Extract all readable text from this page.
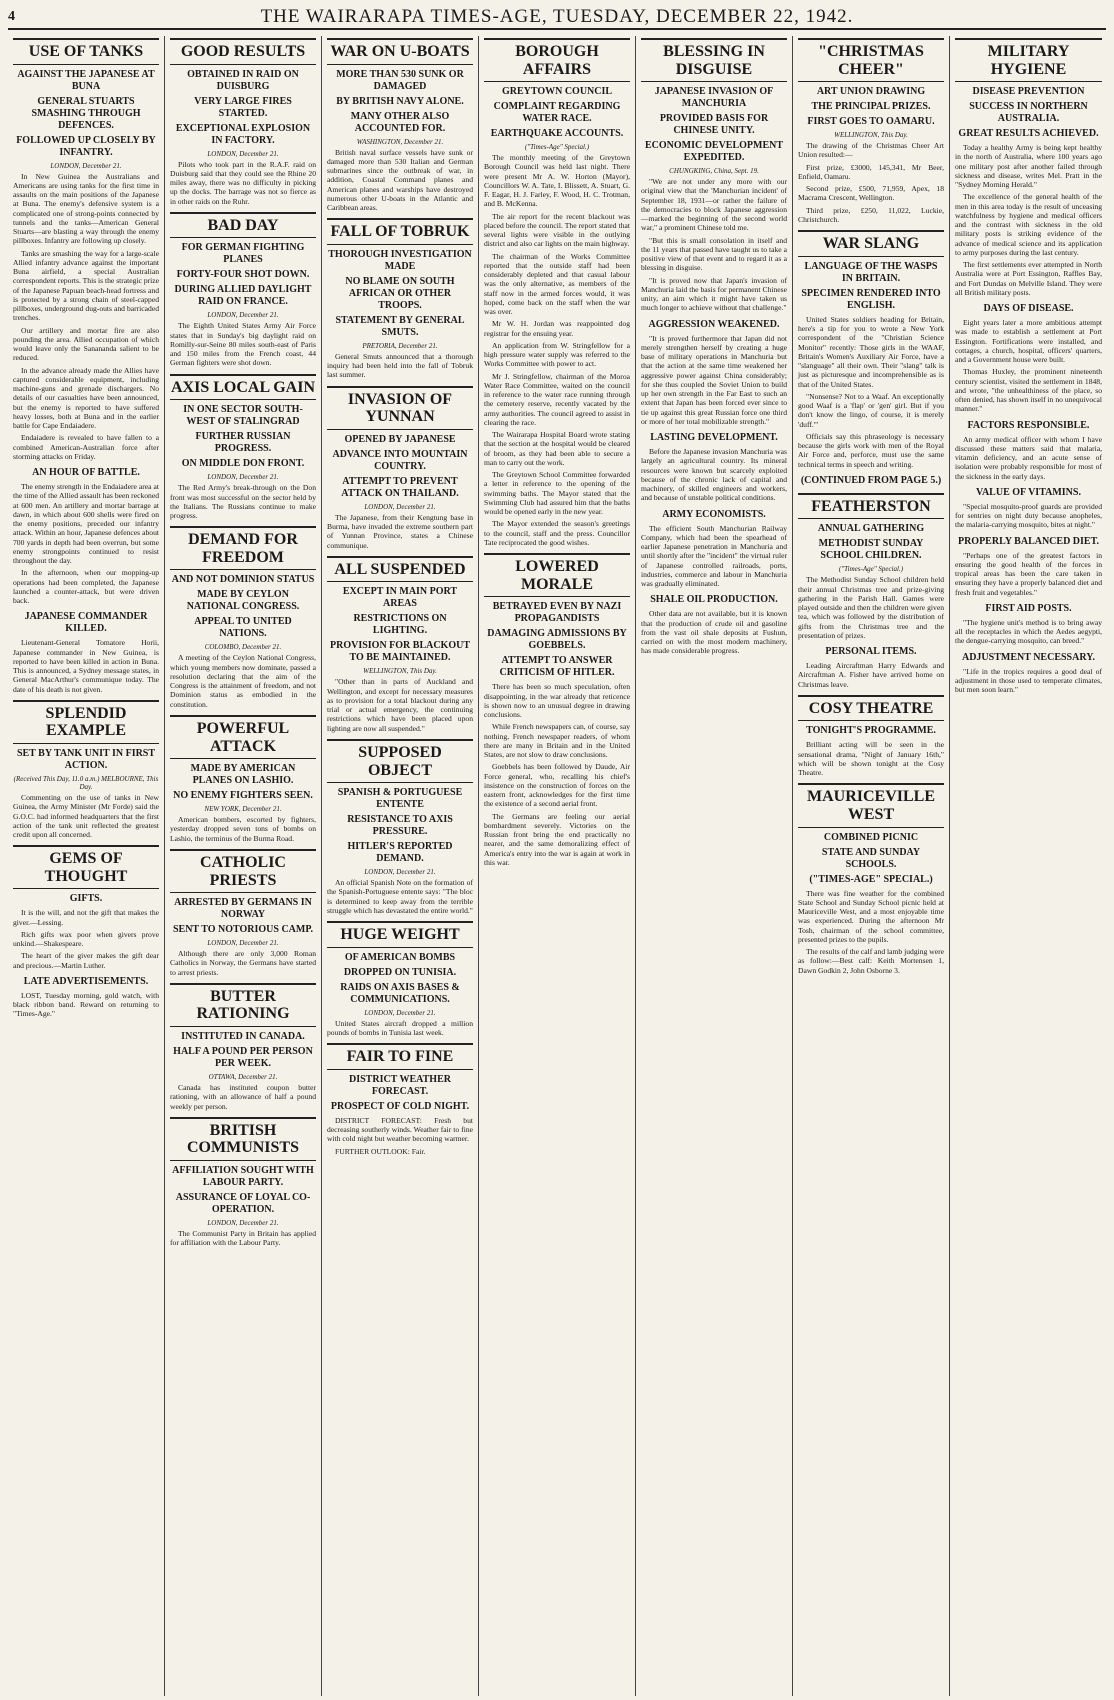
4	THE WAIRARAPA TIMES-AGE, TUESDAY, DECEMBER 22, 1942.
USE OF TANKS
AGAINST THE JAPANESE AT BUNA
GENERAL STUARTS SMASHING THROUGH DEFENCES.
FOLLOWED UP CLOSELY BY INFANTRY.
LONDON, December 21.

In New Guinea the Australians and Americans are using tanks for the first time in assaults on the main positions of the Japanese at Buna. The enemy's defensive system is a complicated one of strong-points connected by tunnels and the tanks—American General Stuarts—are blasting a way through the enemy pillboxes. Infantry are following up closely.

Tanks are smashing the way for a large-scale Allied infantry advance against the important Buna airfield, a special Australian correspondent reports. This is the strategic prize of the Japanese Papuan beach-head fortress and is protected by a strong chain of steel-capped pillboxes, underground dug-outs and barricaded trenches.

Our artillery and mortar fire are also pounding the area. Allied occupation of which would leave only the Sanananda salient to be reduced.

In the advance already made the Allies have captured considerable equipment, including machine-guns and grenade dischargers. No details of our casualties have been announced, but the enemy is reported to have suffered heavy losses, both at Buna and in the earlier battle for Cape Endaiadere.

Endaiadere is revealed to have fallen to a combined American-Australian force after storming attacks on Friday.

AN HOUR OF BATTLE.

The enemy strength in the Endaiadere area at the time of the Allied assault has been reckoned at 600 men. An artillery and mortar barrage at dawn, in which about 600 shells were fired on the enemy positions, preceded our infantry attack. Within an hour, Japanese defences about 700 yards in depth had been overrun, but some enemy strongpoints continued to resist throughout the day.

In the afternoon, when our mopping-up operations had been completed, the Japanese launched a counter-attack, but were driven back.

JAPANESE COMMANDER KILLED.

Lieutenant-General Tomatore Horii, Japanese commander in New Guinea, is reported to have been killed in action in Buna. This is announced, a Sydney message states, in General MacArthur's communique today. The date of his death is not given.

SPLENDID EXAMPLE
SET BY TANK UNIT IN FIRST ACTION.
(Received This Day, 11.0 a.m.) MELBOURNE, This Day.

Commenting on the use of tanks in New Guinea, the Army Minister (Mr Forde) said the G.O.C. had informed headquarters that the first action of the tank unit reflected the greatest credit upon all concerned.

GEMS OF THOUGHT
GIFTS.

It is the will, and not the gift that makes the giver.—Lessing.

Rich gifts wax poor when givers prove unkind.—Shakespeare.

The heart of the giver makes the gift dear and precious.—Martin Luther.

LATE ADVERTISEMENTS.

LOST, Tuesday morning, gold watch, with black ribbon band. Reward on returning to "Times-Age."

GOOD RESULTS
OBTAINED IN RAID ON DUISBURG
VERY LARGE FIRES STARTED.
EXCEPTIONAL EXPLOSION IN FACTORY.
LONDON, December 21.

Pilots who took part in the R.A.F. raid on Duisburg said that they could see the Rhine 20 miles away, there was no difficulty in picking up the docks. The barrage was not so fierce as in other raids on the Ruhr.

BAD DAY
FOR GERMAN FIGHTING PLANES
FORTY-FOUR SHOT DOWN.
DURING ALLIED DAYLIGHT RAID ON FRANCE.
LONDON, December 21.

The Eighth United States Army Air Force states that in Sunday's big daylight raid on Romilly-sur-Seine 80 miles south-east of Paris and 150 miles from the French coast, 44 German fighters were shot down.

AXIS LOCAL GAIN
IN ONE SECTOR SOUTH-WEST OF STALINGRAD
FURTHER RUSSIAN PROGRESS.
ON MIDDLE DON FRONT.
LONDON, December 21.

The Red Army's break-through on the Don front was most successful on the sector held by the Italians. The Russians continue to make progress.

DEMAND FOR FREEDOM
AND NOT DOMINION STATUS
MADE BY CEYLON NATIONAL CONGRESS.
APPEAL TO UNITED NATIONS.
COLOMBO, December 21.

A meeting of the Ceylon National Congress, which young members now dominate, passed a resolution declaring that the aim of the Congress is the attainment of freedom, and not Dominion status as embodied in the constitution.

POWERFUL ATTACK
MADE BY AMERICAN PLANES ON LASHIO.
NO ENEMY FIGHTERS SEEN.
NEW YORK, December 21.

American bombers, escorted by fighters, yesterday dropped seven tons of bombs on Lashio, the terminus of the Burma Road.

CATHOLIC PRIESTS
ARRESTED BY GERMANS IN NORWAY
SENT TO NOTORIOUS CAMP.
LONDON, December 21.

Although there are only 3,000 Roman Catholics in Norway, the Germans have started to arrest priests.

BUTTER RATIONING
INSTITUTED IN CANADA.
HALF A POUND PER PERSON PER WEEK.
OTTAWA, December 21.

Canada has instituted coupon butter rationing, with an allowance of half a pound weekly per person.

BRITISH COMMUNISTS
AFFILIATION SOUGHT WITH LABOUR PARTY.
ASSURANCE OF LOYAL CO-OPERATION.
LONDON, December 21.

The Communist Party in Britain has applied for affiliation with the Labour Party.

WAR ON U-BOATS
MORE THAN 530 SUNK OR DAMAGED
BY BRITISH NAVY ALONE.
MANY OTHER ALSO ACCOUNTED FOR.
WASHINGTON, December 21.

British naval surface vessels have sunk or damaged more than 530 Italian and German submarines since the outbreak of war, in addition, Coastal Command planes and American planes and warships have destroyed numerous other U-boats in the Atlantic and Caribbean areas.

FALL OF TOBRUK
THOROUGH INVESTIGATION MADE
NO BLAME ON SOUTH AFRICAN OR OTHER TROOPS.
STATEMENT BY GENERAL SMUTS.
PRETORIA, December 21.

General Smuts announced that a thorough inquiry had been held into the fall of Tobruk last summer.

INVASION OF YUNNAN
OPENED BY JAPANESE
ADVANCE INTO MOUNTAIN COUNTRY.
ATTEMPT TO PREVENT ATTACK ON THAILAND.
LONDON, December 21.

The Japanese, from their Kengtung base in Burma, have invaded the extreme southern part of Yunnan Province, states a Chinese communique.

ALL SUSPENDED
EXCEPT IN MAIN PORT AREAS
RESTRICTIONS ON LIGHTING.
PROVISION FOR BLACKOUT TO BE MAINTAINED.
WELLINGTON, This Day.

"Other than in parts of Auckland and Wellington, and except for necessary measures as to provision for a total blackout during any trial or actual emergency, the continuing restrictions which have been placed upon lighting are now all suspended."

SUPPOSED OBJECT
SPANISH & PORTUGUESE ENTENTE
RESISTANCE TO AXIS PRESSURE.
HITLER'S REPORTED DEMAND.
LONDON, December 21.

An official Spanish Note on the formation of the Spanish-Portuguese entente says: "The bloc is determined to keep away from the terrible struggle which has devastated the entire world."

HUGE WEIGHT
OF AMERICAN BOMBS
DROPPED ON TUNISIA.
RAIDS ON AXIS BASES & COMMUNICATIONS.
LONDON, December 21.

United States aircraft dropped a million pounds of bombs in Tunisia last week.

FAIR TO FINE
DISTRICT WEATHER FORECAST.
PROSPECT OF COLD NIGHT.

DISTRICT FORECAST: Fresh but decreasing southerly winds. Weather fair to fine with cold night but weather becoming warmer.

FURTHER OUTLOOK: Fair.

BOROUGH AFFAIRS
GREYTOWN COUNCIL
COMPLAINT REGARDING WATER RACE.
EARTHQUAKE ACCOUNTS.
("Times-Age" Special.)

The monthly meeting of the Greytown Borough Council was held last night. There were present Mr A. W. Horton (Mayor), Councillors W. A. Tate, I. Blissett, A. Stuart, G. F. Eagar, H. J. Farley, F. Wood, H. C. Trotman, and B. McKenna.

The air report for the recent blackout was placed before the council. The report stated that several lights were visible in the outlying district and also car lights on the main highway.

The chairman of the Works Committee reported that the outside staff had been considerably depleted and that casual labour was the only alternative, as members of the staff now in the armed forces would, it was hoped, come back on the staff when the war was over.

Mr W. H. Jordan was reappointed dog registrar for the ensuing year.

An application from W. Stringfellow for a high pressure water supply was referred to the Works Committee with power to act.

Mr J. Stringfellow, chairman of the Moroa Water Race Committee, waited on the council in reference to the water race running through the cemetery reserve, recently vacated by the army authorities. The council agreed to assist in clearing the race.

The Wairarapa Hospital Board wrote stating that the section at the hospital would be cleared of broom, as they had been able to secure a man to carry out the work.

The Greytown School Committee forwarded a letter in reference to the opening of the swimming baths. The Mayor stated that the Swimming Club had assured him that the baths would be opened early in the new year.

The Mayor extended the season's greetings to the council, staff and the press. Councillor Tate reciprocated the good wishes.

LOWERED MORALE
BETRAYED EVEN BY NAZI PROPAGANDISTS
DAMAGING ADMISSIONS BY GOEBBELS.
ATTEMPT TO ANSWER CRITICISM OF HITLER.

There has been so much speculation, often disappointing, in the war already that reticence is shown now to an unusual degree in drawing conclusions.

While French newspapers can, of course, say nothing, French newspaper readers, of whom there are many in Britain and in the United States, are not slow to draw conclusions.

Goebbels has been followed by Daude, Air Force general, who, recalling his chief's insistence on the construction of forces on the eastern front, acknowledges for the first time the existence of a second aerial front.

The Germans are feeling our aerial bombardment severely. Victories on the Russian front bring the end practically no nearer, and the same demoralizing effect of America's entry into the war is again at work in this war.

BLESSING IN DISGUISE
JAPANESE INVASION OF MANCHURIA
PROVIDED BASIS FOR CHINESE UNITY.
ECONOMIC DEVELOPMENT EXPEDITED.
CHUNGKING, China, Sept. 19.

"We are not under any more with our original view that the 'Manchurian incident' of September 18, 1931—or rather the failure of the democracies to block Japanese aggression—marked the beginning of the second world war," a prominent Chinese told me.

"But this is small consolation in itself and the 11 years that passed have taught us to take a positive view of that event and to regard it as a blessing in disguise.

"It is proved now that Japan's invasion of Manchuria laid the basis for permanent Chinese unity, an aim which it might have taken us much longer to achieve without that challenge."

AGGRESSION WEAKENED.

"It is proved furthermore that Japan did not merely strengthen herself by creating a huge base of military operations in Manchuria but that the action at the same time weakened her aggressive power against China considerably; for she thus coupled the Soviet Union to build up her own strength in the Far East to such an extent that Japan has been forced ever since to tie up against this great Russian force one third or more of her total mobilizable strength."

LASTING DEVELOPMENT.

Before the Japanese invasion Manchuria was largely an agricultural country. Its mineral resources were known but scarcely exploited because of the chronic lack of capital and machinery, of skilled engineers and workers, and because of unstable political conditions.

ARMY ECONOMISTS.

The efficient South Manchurian Railway Company, which had been the spearhead of earlier Japanese penetration in Manchuria and until shortly after the "incident" the virtual ruler of Japanese controlled railroads, ports, industries, commerce and labour in Manchuria was gradually eliminated.

SHALE OIL PRODUCTION.

Other data are not available, but it is known that the production of crude oil and gasoline from the vast oil shale deposits at Fushun, carried on with the most modern machinery, has made considerable progress.

"CHRISTMAS CHEER"
ART UNION DRAWING
THE PRINCIPAL PRIZES.
FIRST GOES TO OAMARU.
WELLINGTON, This Day.

The drawing of the Christmas Cheer Art Union resulted:—

First prize, £3000, 145,341, Mr Beer, Enfield, Oamaru.

Second prize, £500, 71,959, Apex, 18 Macrama Crescent, Wellington.

Third prize, £250, 11,022, Luckie, Christchurch.

WAR SLANG
LANGUAGE OF THE WASPS IN BRITAIN.
SPECIMEN RENDERED INTO ENGLISH.

United States soldiers heading for Britain, here's a tip for you to wrote a New York correspondent of the "Christian Science Monitor" recently: Those girls in the WAAF, Britain's Women's Auxiliary Air Force, have a "slanguage" all their own. Their "slang" talk is just as picturesque and incomprehensible as is that of the United States.

"Nonsense? Not to a Waaf. An exceptionally good Waaf is a 'flap' or 'gen' girl. But if you don't know the lingo, of course, it is merely 'duff.'"

Officials say this phraseology is necessary because the girls work with men of the Royal Air Force and, perforce, must use the same technical terms in speech and writing.

(CONTINUED FROM PAGE 5.)
FEATHERSTON
ANNUAL GATHERING
METHODIST SUNDAY SCHOOL CHILDREN.
("Times-Age" Special.)

The Methodist Sunday School children held their annual Christmas tree and prize-giving gathering in the Parish Hall. Games were played outside and then the children were given tea, which was followed by the distribution of gifts from the Christmas tree and the presentation of prizes.

PERSONAL ITEMS.

Leading Aircraftman Harry Edwards and Aircraftman A. Fisher have arrived home on Christmas leave.

COSY THEATRE
TONIGHT'S PROGRAMME.

Brilliant acting will be seen in the sensational drama, "Night of January 16th," which will be shown tonight at the Cosy Theatre.

MAURICEVILLE WEST
COMBINED PICNIC
STATE AND SUNDAY SCHOOLS.
("TIMES-AGE" SPECIAL.)

There was fine weather for the combined State School and Sunday School picnic held at Mauriceville West, and a most enjoyable time was experienced. During the afternoon Mr Tosh, chairman of the school committee, presented prizes to the pupils.

The results of the calf and lamb judging were as follow:—Best calf: Keith Mortensen 1, Dawn Godkin 2, John Osborne 3.

MILITARY HYGIENE
DISEASE PREVENTION
SUCCESS IN NORTHERN AUSTRALIA.
GREAT RESULTS ACHIEVED.

Today a healthy Army is being kept healthy in the north of Australia, where 100 years ago one military post after another failed through sickness and disease, writes Mel. Pratt in the "Sydney Morning Herald."

The excellence of the general health of the men in this area today is the result of unceasing watchfulness by hygiene and medical officers and the contrast with sickness in the old military posts is striking evidence of the advance of medical science and its application to army purposes during the last century.

The first settlements ever attempted in North Australia were at Port Essington, Raffles Bay, and Fort Dundas on Melville Island. They were all British military posts.

DAYS OF DISEASE.

Eight years later a more ambitious attempt was made to establish a settlement at Port Essington. Fortifications were installed, and cottages, a church, hospital, officers' quarters, and a Government house were built.

Thomas Huxley, the prominent nineteenth century scientist, visited the settlement in 1848, and wrote, "the unhealthiness of the place, so often denied, has shown itself in no unequivocal manner."

FACTORS RESPONSIBLE.

An army medical officer with whom I have discussed these matters said that malaria, vitamin deficiency, and an acute sense of isolation were probably responsible for most of the sickness in the early days.

VALUE OF VITAMINS.

"Special mosquito-proof guards are provided for sentries on night duty because anopheles, the malaria-carrying mosquito, bites at night."

PROPERLY BALANCED DIET.

"Perhaps one of the greatest factors in ensuring the good health of the forces in tropical areas has been the care taken in ensuring they have a properly balanced diet and fresh fruit and vegetables."

FIRST AID POSTS.

"The hygiene unit's method is to bring away all the receptacles in which the Aedes aegypti, the dengue-carrying mosquito, can breed."

ADJUSTMENT NECESSARY.

"Life in the tropics requires a good deal of adjustment in those used to temperate climates, but men soon learn."
